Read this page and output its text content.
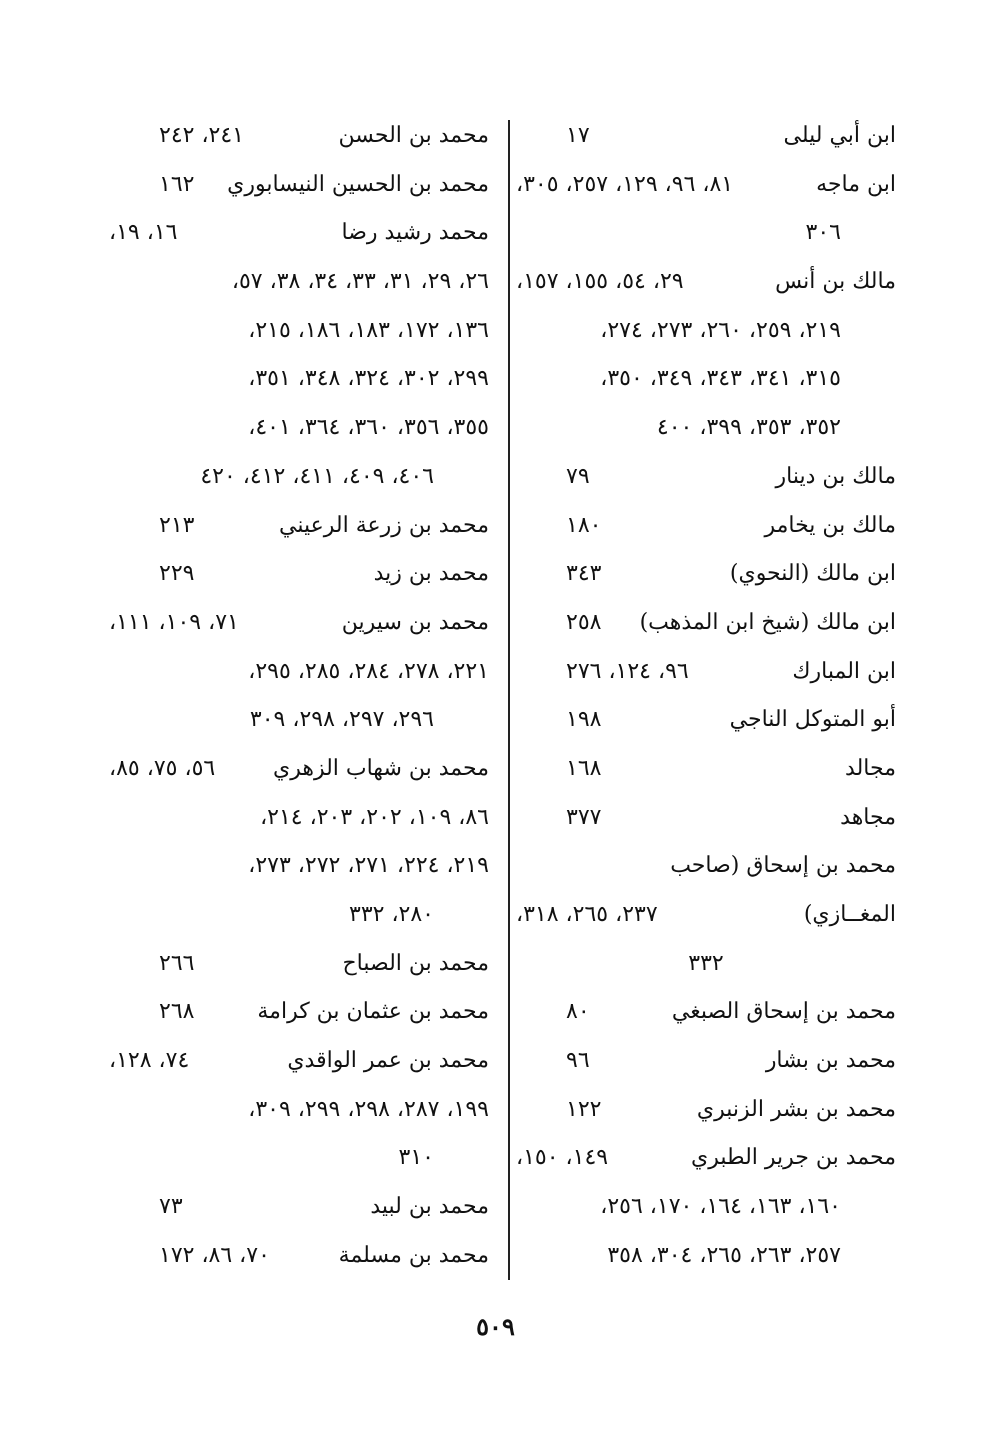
ابن أبي ليلى
١٧
ابن ماجه
٨١، ٩٦، ١٢٩، ٢٥٧، ٣٠٥،
٣٠٦
مالك بن أنس
٢٩، ٥٤، ١٥٥، ١٥٧،
٢١٩، ٢٥٩، ٢٦٠، ٢٧٣، ٢٧٤،
٣١٥، ٣٤١، ٣٤٣، ٣٤٩، ٣٥٠،
٣٥٢، ٣٥٣، ٣٩٩، ٤٠٠
مالك بن دينار
٧٩
مالك بن يخامر
١٨٠
ابن مالك (النحوي)
٣٤٣
ابن مالك (شيخ ابن المذهب)
٢٥٨
ابن المبارك
٩٦، ١٢٤، ٢٧٦
أبو المتوكل الناجي
١٩٨
مجالد
١٦٨
مجاهد
٣٧٧
محمد بن إسحاق (صاحب
المغــازي)
٢٣٧، ٢٦٥، ٣١٨،
٣٣٢
محمد بن إسحاق الصبغي
٨٠
محمد بن بشار
٩٦
محمد بن بشر الزنبري
١٢٢
محمد بن جرير الطبري
١٤٩، ١٥٠،
١٦٠، ١٦٣، ١٦٤، ١٧٠، ٢٥٦،
٢٥٧، ٢٦٣، ٢٦٥، ٣٠٤، ٣٥٨
محمد بن الحسن
٢٤١، ٢٤٢
محمد بن الحسين النيسابوري
١٦٢
محمد رشيد رضا
١٦، ١٩،
٢٦، ٢٩، ٣١، ٣٣، ٣٤، ٣٨، ٥٧،
١٣٦، ١٧٢، ١٨٣، ١٨٦، ٢١٥،
٢٩٩، ٣٠٢، ٣٢٤، ٣٤٨، ٣٥١،
٣٥٥، ٣٥٦، ٣٦٠، ٣٦٤، ٤٠١،
٤٠٦، ٤٠٩، ٤١١، ٤١٢، ٤٢٠
محمد بن زرعة الرعيني
٢١٣
محمد بن زيد
٢٢٩
محمد بن سيرين
٧١، ١٠٩، ١١١،
٢٢١، ٢٧٨، ٢٨٤، ٢٨٥، ٢٩٥،
٢٩٦، ٢٩٧، ٢٩٨، ٣٠٩
محمد بن شهاب الزهري
٥٦، ٧٥، ٨٥،
٨٦، ١٠٩، ٢٠٢، ٢٠٣، ٢١٤،
٢١٩، ٢٢٤، ٢٧١، ٢٧٢، ٢٧٣،
٢٨٠، ٣٣٢
محمد بن الصباح
٢٦٦
محمد بن عثمان بن كرامة
٢٦٨
محمد بن عمر الواقدي
٧٤، ١٢٨،
١٩٩، ٢٨٧، ٢٩٨، ٢٩٩، ٣٠٩،
٣١٠
محمد بن لبيد
٧٣
محمد بن مسلمة
٧٠، ٨٦، ١٧٢
٥٠٩
